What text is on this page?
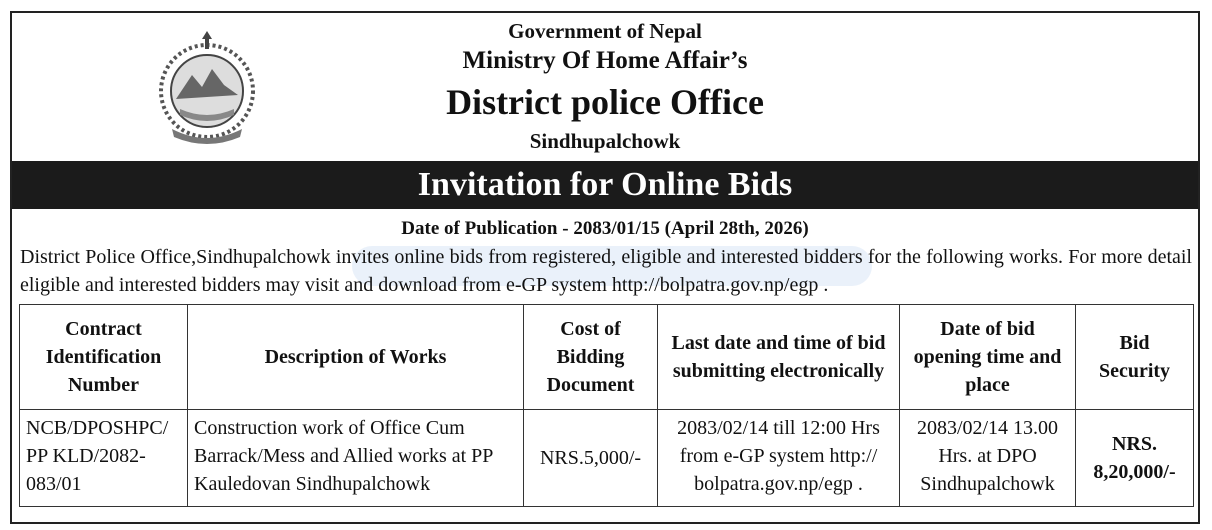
Government of Nepal
Ministry Of Home Affair’s
District police Office
Sindhupalchowk
Invitation for Online Bids
Date of Publication - 2083/01/15 (April 28th, 2026)
District Police Office,Sindhupalchowk invites online bids from registered, eligible and interested bidders for the following works. For more detail eligible and interested bidders may visit and download from e-GP system http://bolpatra.gov.np/egp .
Contract Identification Number	Description of Works	Cost of Bidding Document	Last date and time of bid submitting electronically	Date of bid opening time and place	Bid Security
NCB/DPOSHPC/ PP KLD/2082-083/01	Construction work of Office Cum Barrack/Mess and Allied works at PP Kauledovan Sindhupalchowk	NRS.5,000/-	2083/02/14 till 12:00 Hrs from e-GP system http:// bolpatra.gov.np/egp .	2083/02/14 13.00 Hrs. at DPO Sindhupalchowk	NRS. 8,20,000/-
